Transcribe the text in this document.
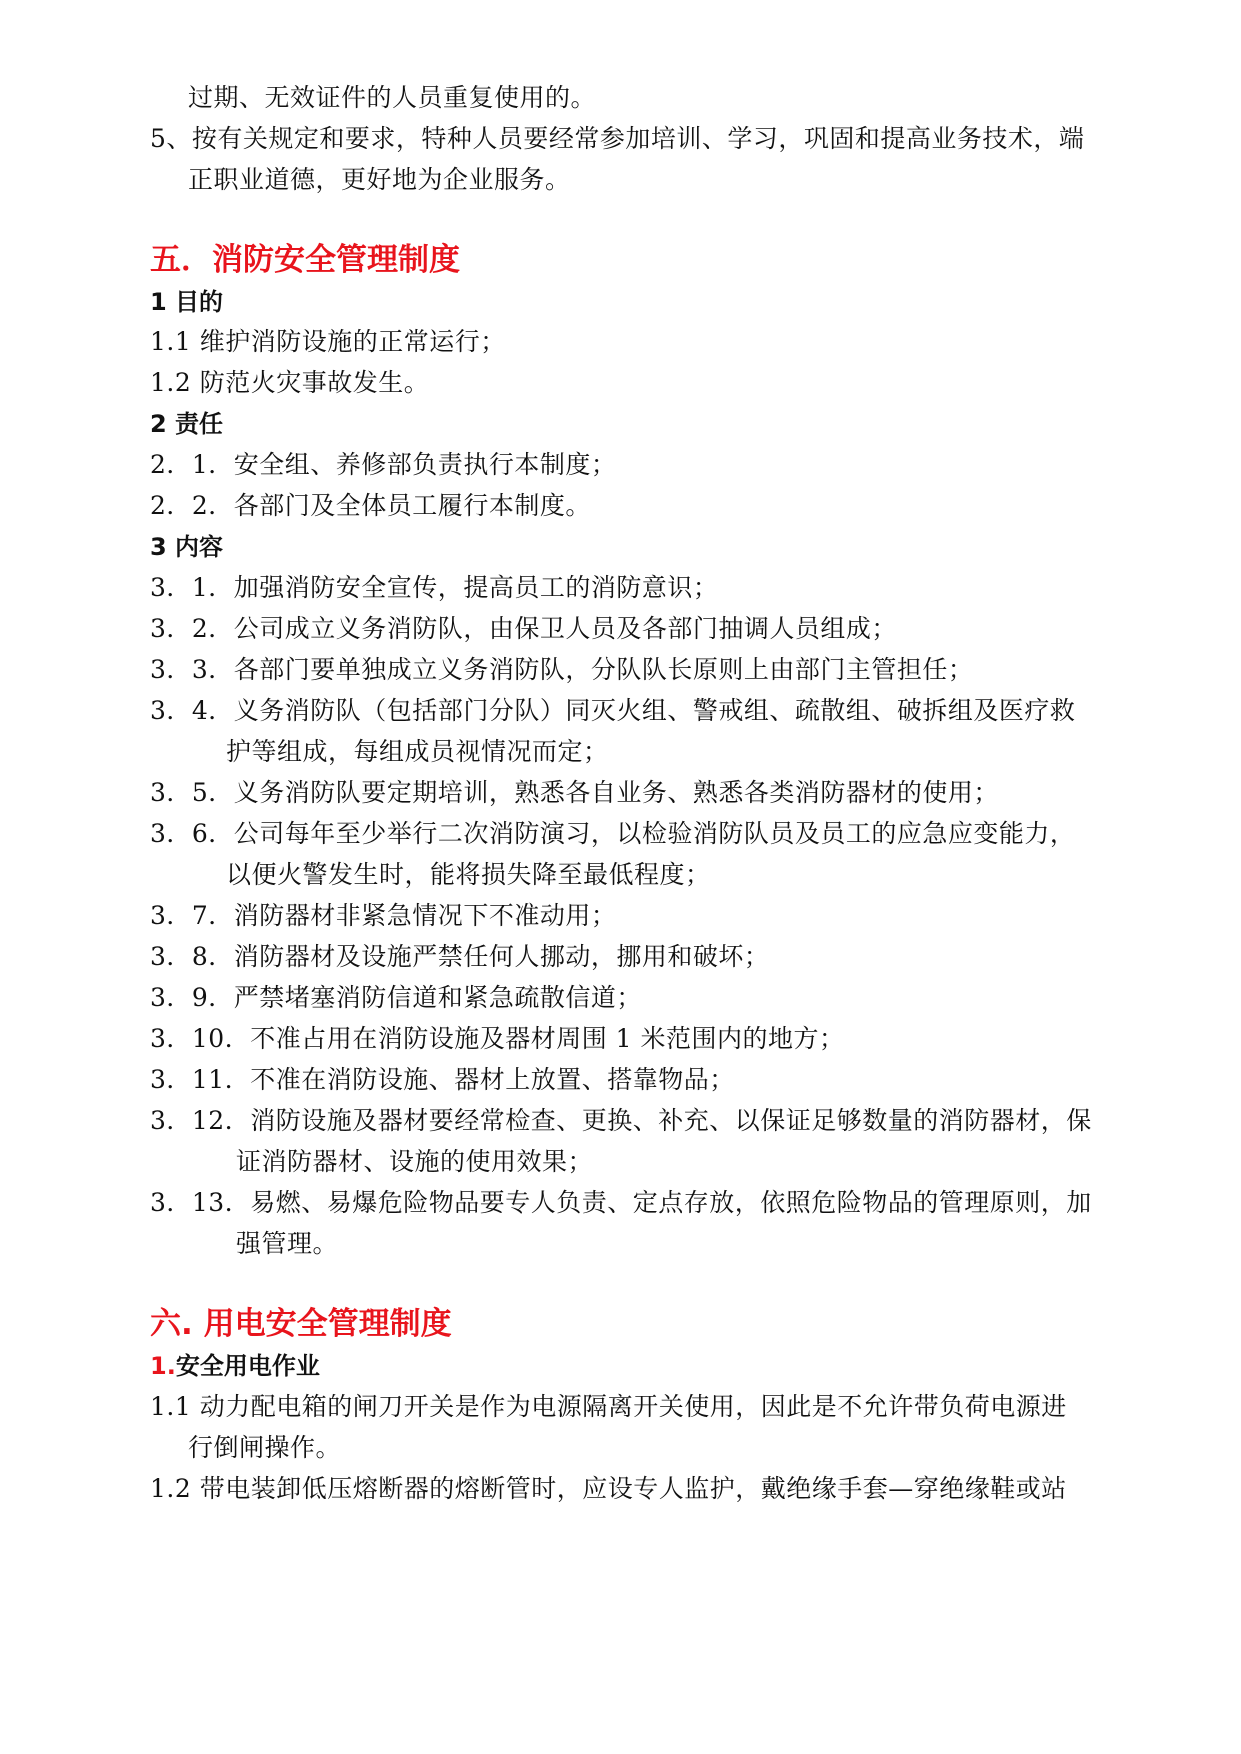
过期、无效证件的人员重复使用的。
5、按有关规定和要求，特种人员要经常参加培训、学习，巩固和提高业务技术，端
正职业道德，更好地为企业服务。
五．消防安全管理制度
1 目的
1.1 维护消防设施的正常运行；
1.2 防范火灾事故发生。
2 责任
2．1．安全组、养修部负责执行本制度；
2．2．各部门及全体员工履行本制度。
3 内容
3．1．加强消防安全宣传，提高员工的消防意识；
3．2．公司成立义务消防队，由保卫人员及各部门抽调人员组成；
3．3．各部门要单独成立义务消防队，分队队长原则上由部门主管担任；
3．4．义务消防队（包括部门分队）同灭火组、警戒组、疏散组、破拆组及医疗救
护等组成，每组成员视情况而定；
3．5．义务消防队要定期培训，熟悉各自业务、熟悉各类消防器材的使用；
3．6．公司每年至少举行二次消防演习，以检验消防队员及员工的应急应变能力，
以便火警发生时，能将损失降至最低程度；
3．7．消防器材非紧急情况下不准动用；
3．8．消防器材及设施严禁任何人挪动，挪用和破坏；
3．9．严禁堵塞消防信道和紧急疏散信道；
3．10．不准占用在消防设施及器材周围 1 米范围内的地方；
3．11．不准在消防设施、器材上放置、搭靠物品；
3．12．消防设施及器材要经常检查、更换、补充、以保证足够数量的消防器材，保
证消防器材、设施的使用效果；
3．13．易燃、易爆危险物品要专人负责、定点存放，依照危险物品的管理原则，加
强管理。
六. 用电安全管理制度
1.安全用电作业
1.1 动力配电箱的闸刀开关是作为电源隔离开关使用，因此是不允许带负荷电源进
行倒闸操作。
1.2 带电装卸低压熔断器的熔断管时，应设专人监护，戴绝缘手套—穿绝缘鞋或站
